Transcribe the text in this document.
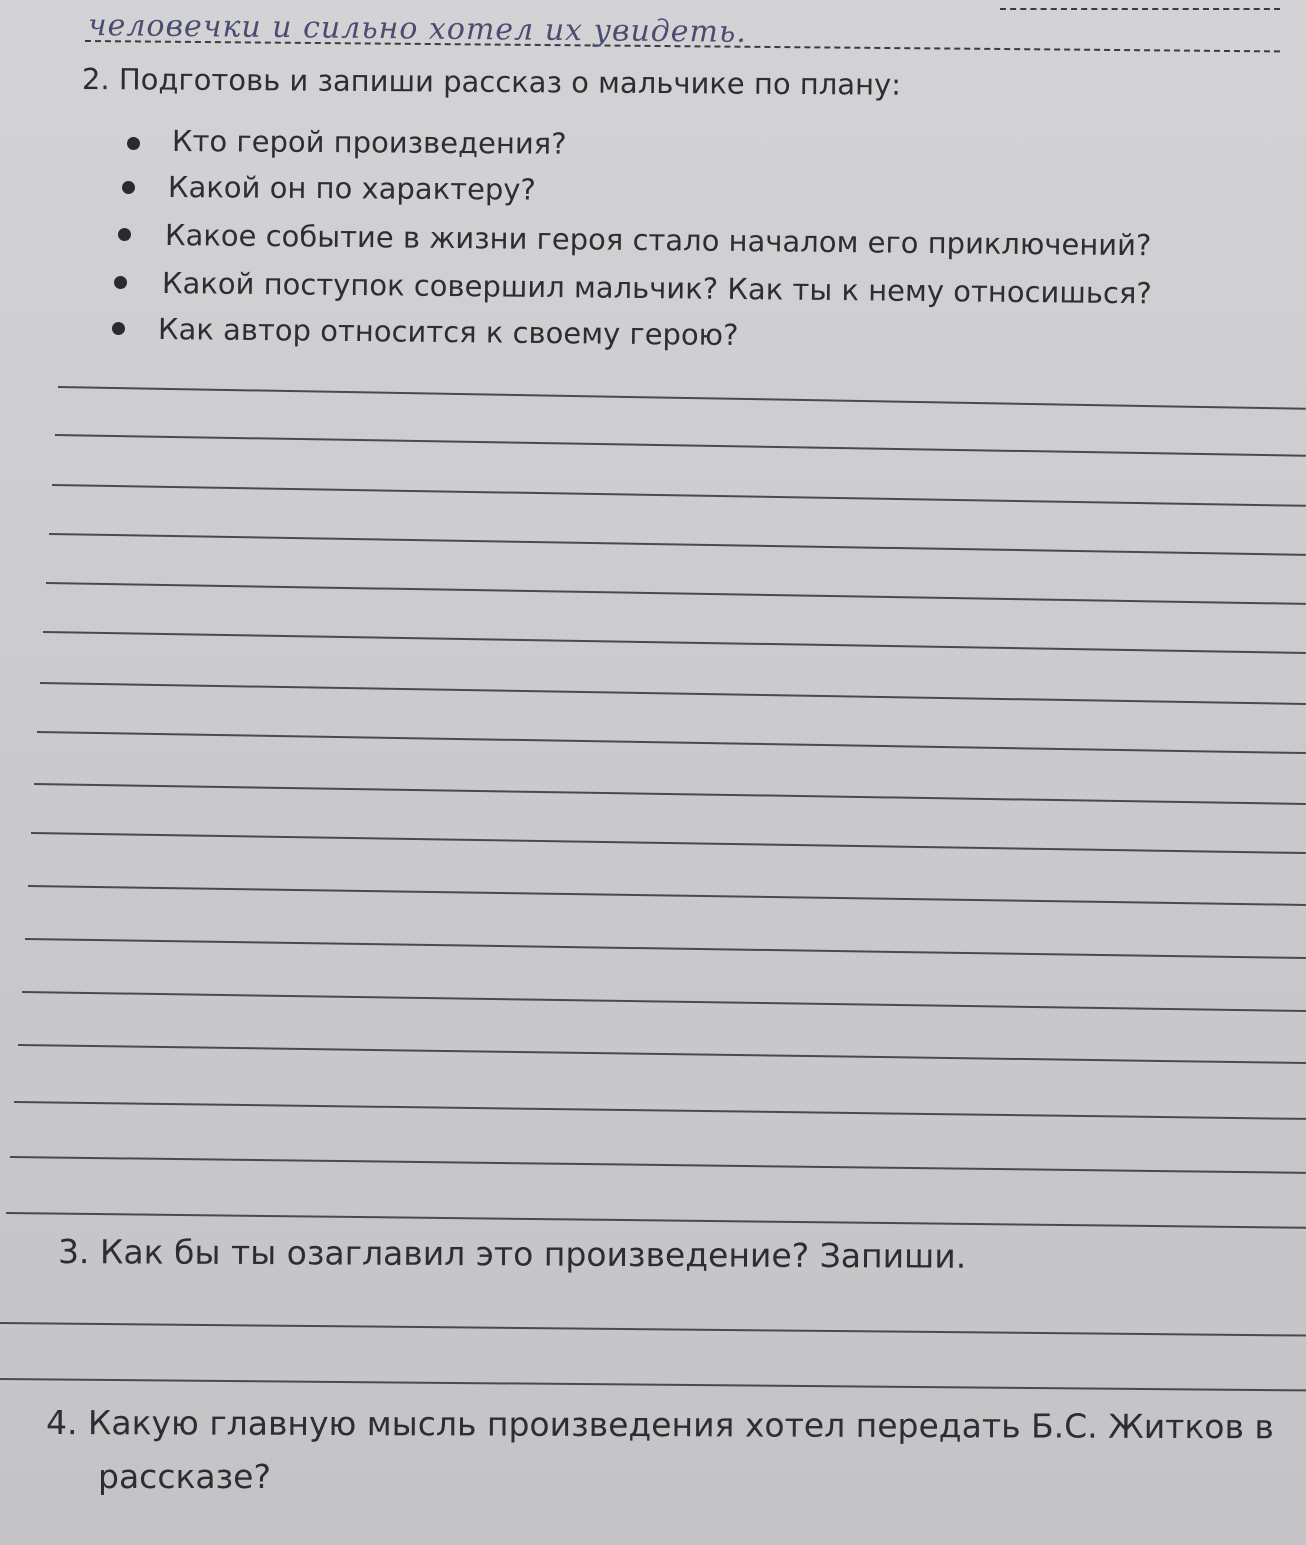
человечки и сильно хотел их увидеть.
2. Подготовь и запиши рассказ о мальчике по плану:
Кто герой произведения?
Какой он по характеру?
Какое событие в жизни героя стало началом его приключений?
Какой поступок совершил мальчик? Как ты к нему относишься?
Как автор относится к своему герою?
3. Как бы ты озаглавил это произведение? Запиши.
4. Какую главную мысль произведения хотел передать Б.С. Житков в
рассказе?
